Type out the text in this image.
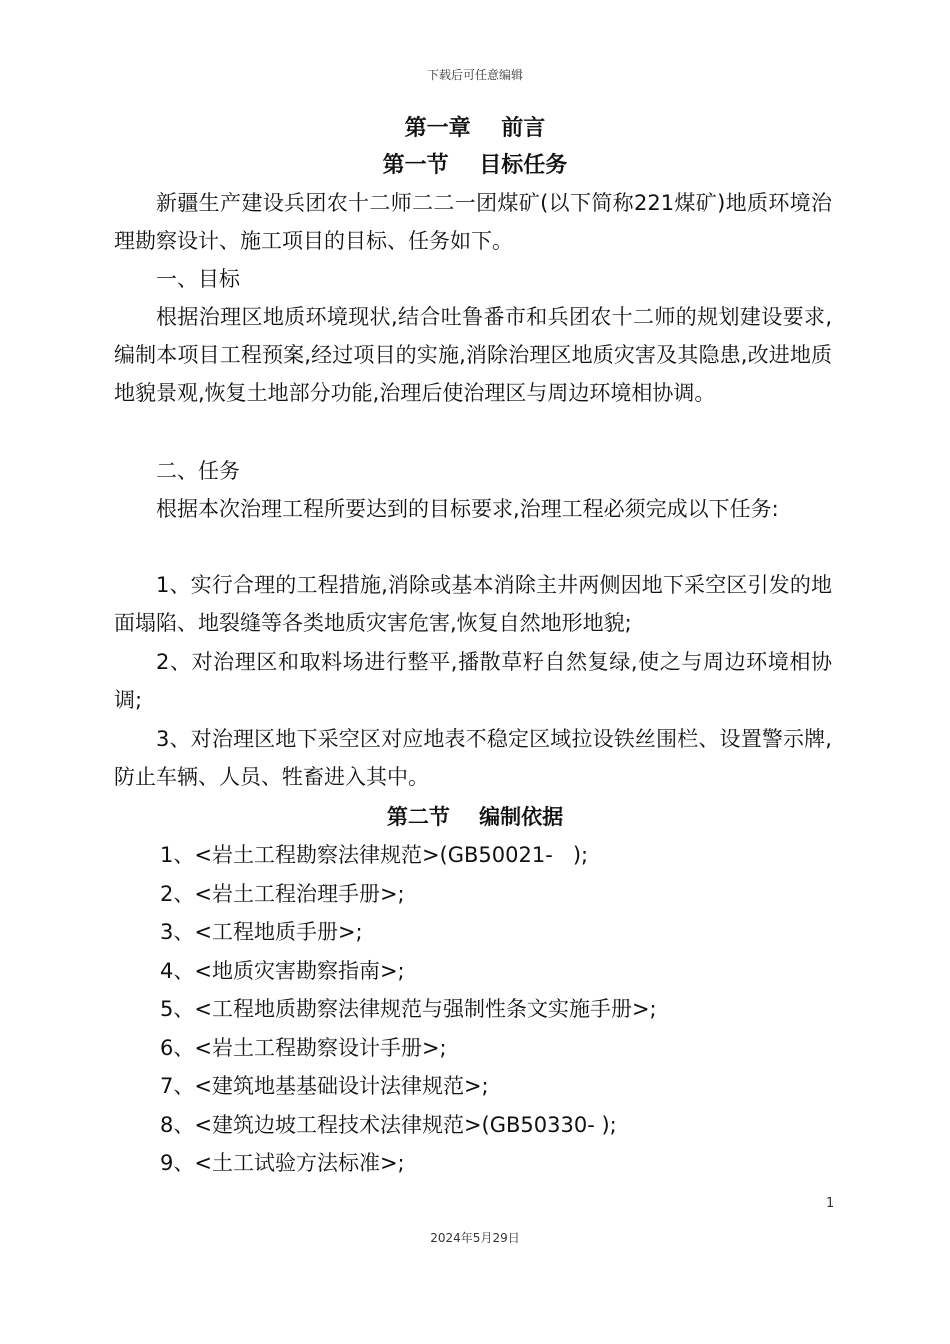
下载后可任意编辑
第一章    前言
第一节    目标任务

新疆生产建设兵团农十二师二二一团煤矿(以下简称221煤矿)地质环境治理勘察设计、施工项目的目标、任务如下。

一、目标

根据治理区地质环境现状,结合吐鲁番市和兵团农十二师的规划建设要求,编制本项目工程预案,经过项目的实施,消除治理区地质灾害及其隐患,改进地质地貌景观,恢复土地部分功能,治理后使治理区与周边环境相协调。

二、任务

根据本次治理工程所要达到的目标要求,治理工程必须完成以下任务:

1、实行合理的工程措施,消除或基本消除主井两侧因地下采空区引发的地面塌陷、地裂缝等各类地质灾害危害,恢复自然地形地貌;

2、对治理区和取料场进行整平,播散草籽自然复绿,使之与周边环境相协调;

3、对治理区地下采空区对应地表不稳定区域拉设铁丝围栏、设置警示牌,防止车辆、人员、牲畜进入其中。

第二节    编制依据
1、<岩土工程勘察法律规范>(GB50021-   );
2、<岩土工程治理手册>;
3、<工程地质手册>;
4、<地质灾害勘察指南>;
5、<工程地质勘察法律规范与强制性条文实施手册>;
6、<岩土工程勘察设计手册>;
7、<建筑地基基础设计法律规范>;
8、<建筑边坡工程技术法律规范>(GB50330- );
9、<土工试验方法标准>;
1
2024年5月29日
